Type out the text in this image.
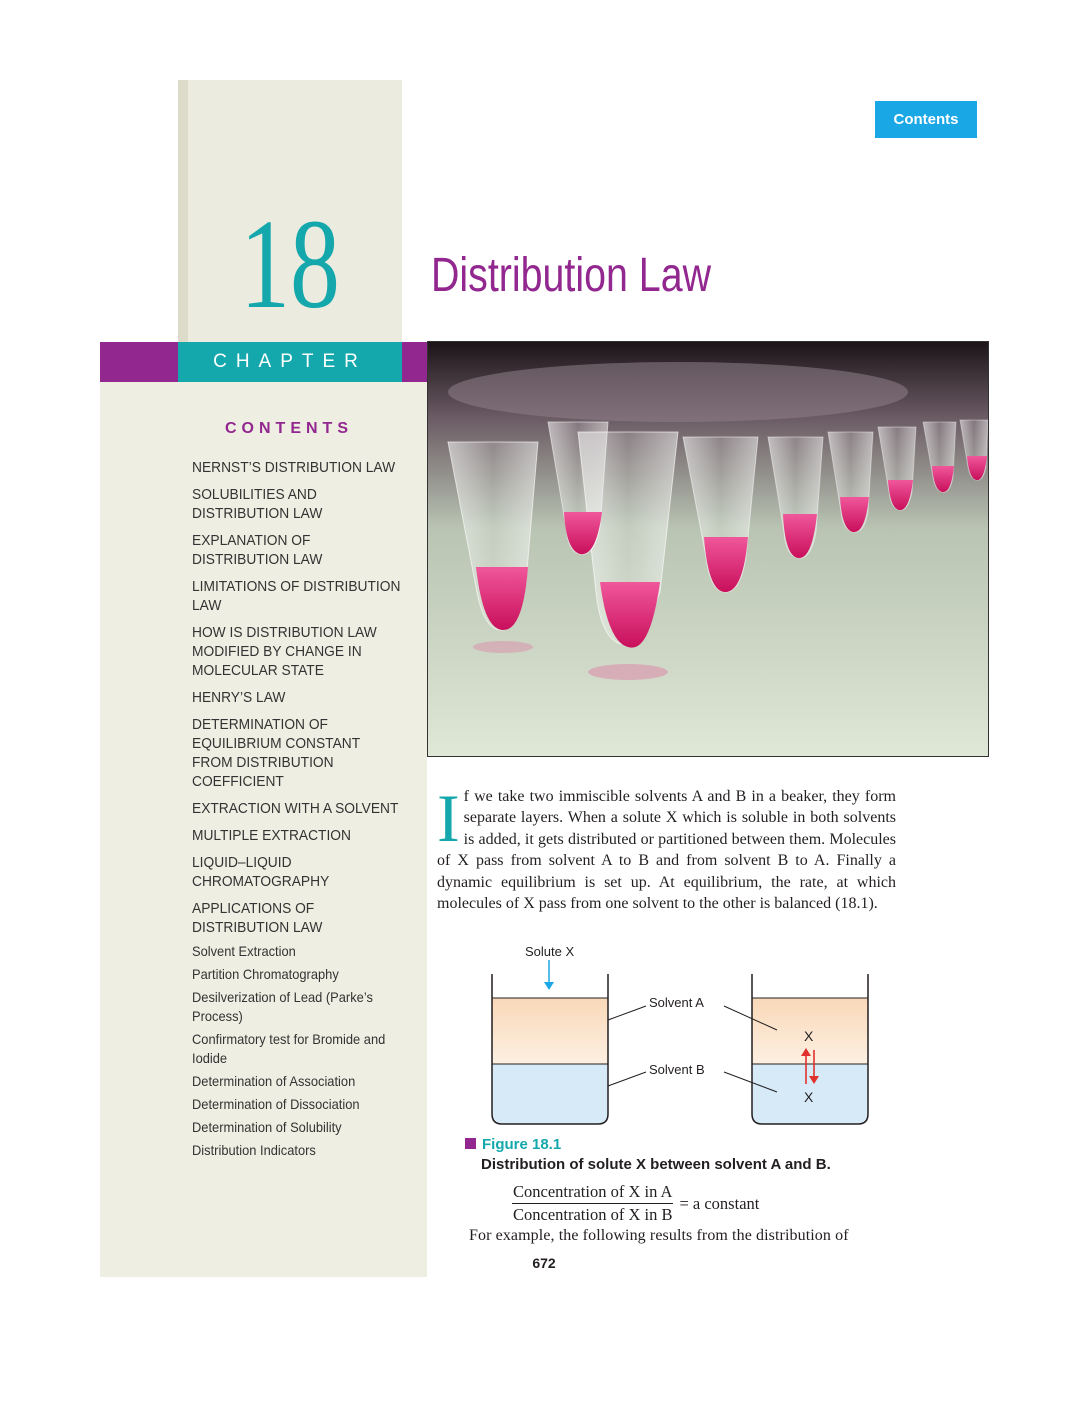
CHAPTER
18	Distribution Law
Contents
CONTENTS
NERNST’S DISTRIBUTION LAW
SOLUBILITIES AND DISTRIBUTION LAW
EXPLANATION OF DISTRIBUTION LAW
LIMITATIONS OF DISTRIBUTION LAW
HOW IS DISTRIBUTION LAW MODIFIED BY CHANGE IN MOLECULAR STATE
HENRY’S LAW
DETERMINATION OF EQUILIBRIUM CONSTANT FROM DISTRIBUTION COEFFICIENT
EXTRACTION WITH A SOLVENT
MULTIPLE EXTRACTION
LIQUID–LIQUID CHROMATOGRAPHY
APPLICATIONS OF DISTRIBUTION LAW
Solvent Extraction
Partition Chromatography
Desilverization of Lead (Parke’s Process)
Confirmatory test for Bromide and Iodide
Determination of Association
Determination of Dissociation
Determination of Solubility
Distribution Indicators

If we take two immiscible solvents A and B in a beaker, they form separate layers. When a solute X which is soluble in both solvents is added, it gets distributed or partitioned between them. Molecules of X pass from solvent A to B and from solvent B to A. Finally a dynamic equilibrium is set up. At equilibrium, the rate, at which molecules of X pass from one solvent to the other is balanced (18.1).

Solute X
Solvent A
Solvent B
X
X
Figure 18.1
Distribution of solute X between solvent A and B.
$\frac{\text{Concentration of X in A}}{\text{Concentration of X in B}} = a$ constant
For example, the following results from the distribution of
672
